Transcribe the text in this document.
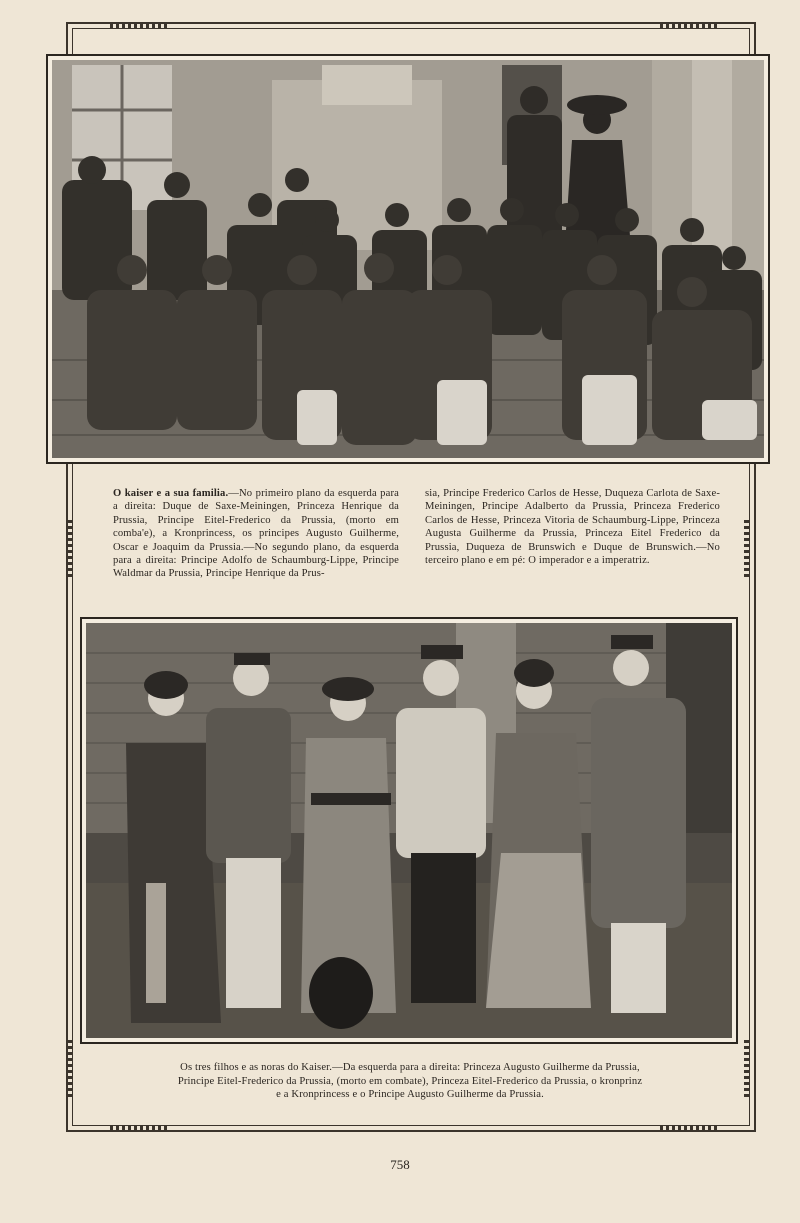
O kaiser e a sua familia.—No primeiro plano da esquerda para a direita: Duque de Saxe-Meiningen, Princeza Henrique da Prussia, Principe Eitel-Frederico da Prussia, (morto em comba'e), a Kronprincess, os principes Augusto Guilherme, Oscar e Joaquim da Prussia.—No segundo plano, da esquerda para a direita: Principe Adolfo de Schaumburg-Lippe, Principe Waldmar da Prussia, Principe Henrique da Prus-
sia, Principe Frederico Carlos de Hesse, Duqueza Carlota de Saxe-Meiningen, Principe Adalberto da Prussia, Princeza Frederico Carlos de Hesse, Princeza Vitoria de Schaumburg-Lippe, Princeza Augusta Guilherme da Prussia, Princeza Eitel Frederico da Prussia, Duqueza de Brunswich e Duque de Brunswich.—No terceiro plano e em pé: O imperador e a imperatriz.
Os tres filhos e as noras do Kaiser.—Da esquerda para a direita: Princeza Augusto Guilherme da Prussia,
Principe Eitel-Frederico da Prussia, (morto em combate), Princeza Eitel-Frederico da Prussia, o kronprinz
e a Kronprincess e o Principe Augusto Guilherme da Prussia.
758
